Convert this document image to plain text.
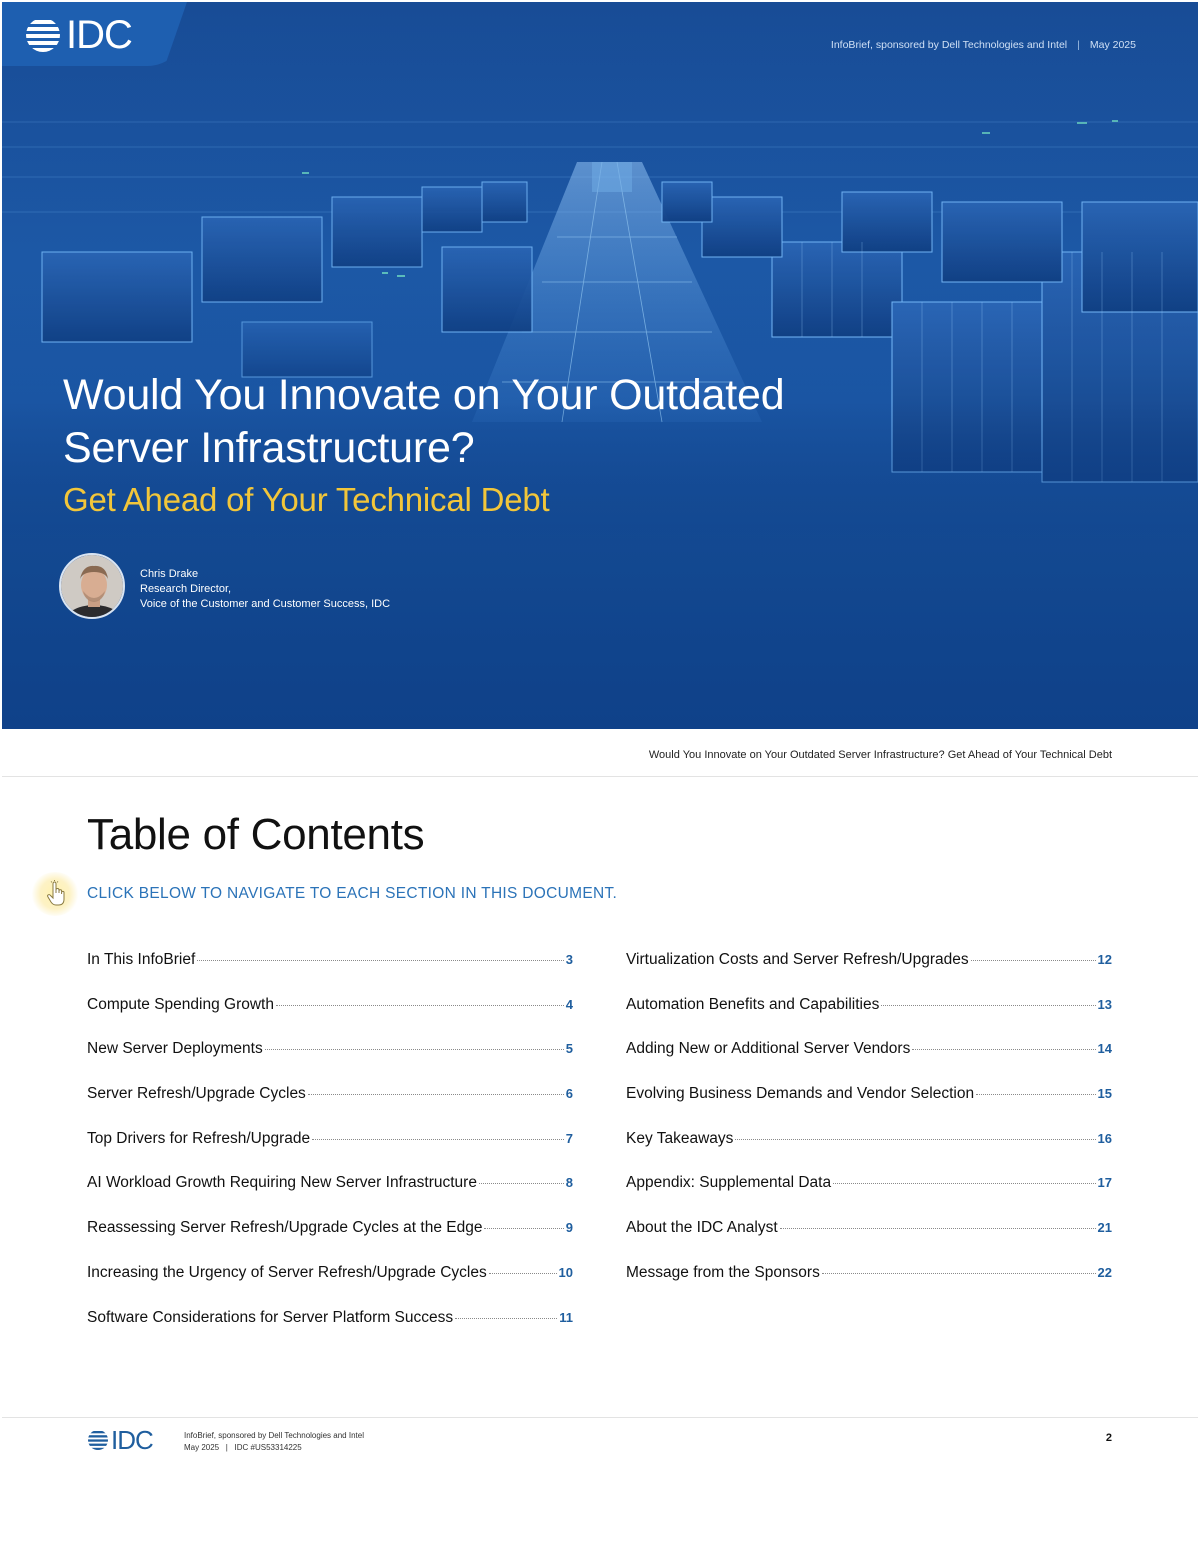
IDC	InfoBrief, sponsored by Dell Technologies and Intel | May 2025
Would You Innovate on Your Outdated Server Infrastructure?
Get Ahead of Your Technical Debt
Chris Drake
Research Director,
Voice of the Customer and Customer Success, IDC
Would You Innovate on Your Outdated Server Infrastructure? Get Ahead of Your Technical Debt
Table of Contents
CLICK BELOW TO NAVIGATE TO EACH SECTION IN THIS DOCUMENT.
In This InfoBrief	3
Compute Spending Growth	4
New Server Deployments	5
Server Refresh/Upgrade Cycles	6
Top Drivers for Refresh/Upgrade	7
AI Workload Growth Requiring New Server Infrastructure	8
Reassessing Server Refresh/Upgrade Cycles at the Edge	9
Increasing the Urgency of Server Refresh/Upgrade Cycles	10
Software Considerations for Server Platform Success	11
Virtualization Costs and Server Refresh/Upgrades	12
Automation Benefits and Capabilities	13
Adding New or Additional Server Vendors	14
Evolving Business Demands and Vendor Selection	15
Key Takeaways	16
Appendix: Supplemental Data	17
About the IDC Analyst	21
Message from the Sponsors	22
IDC	InfoBrief, sponsored by Dell Technologies and Intel
May 2025   |   IDC #US53314225
2
